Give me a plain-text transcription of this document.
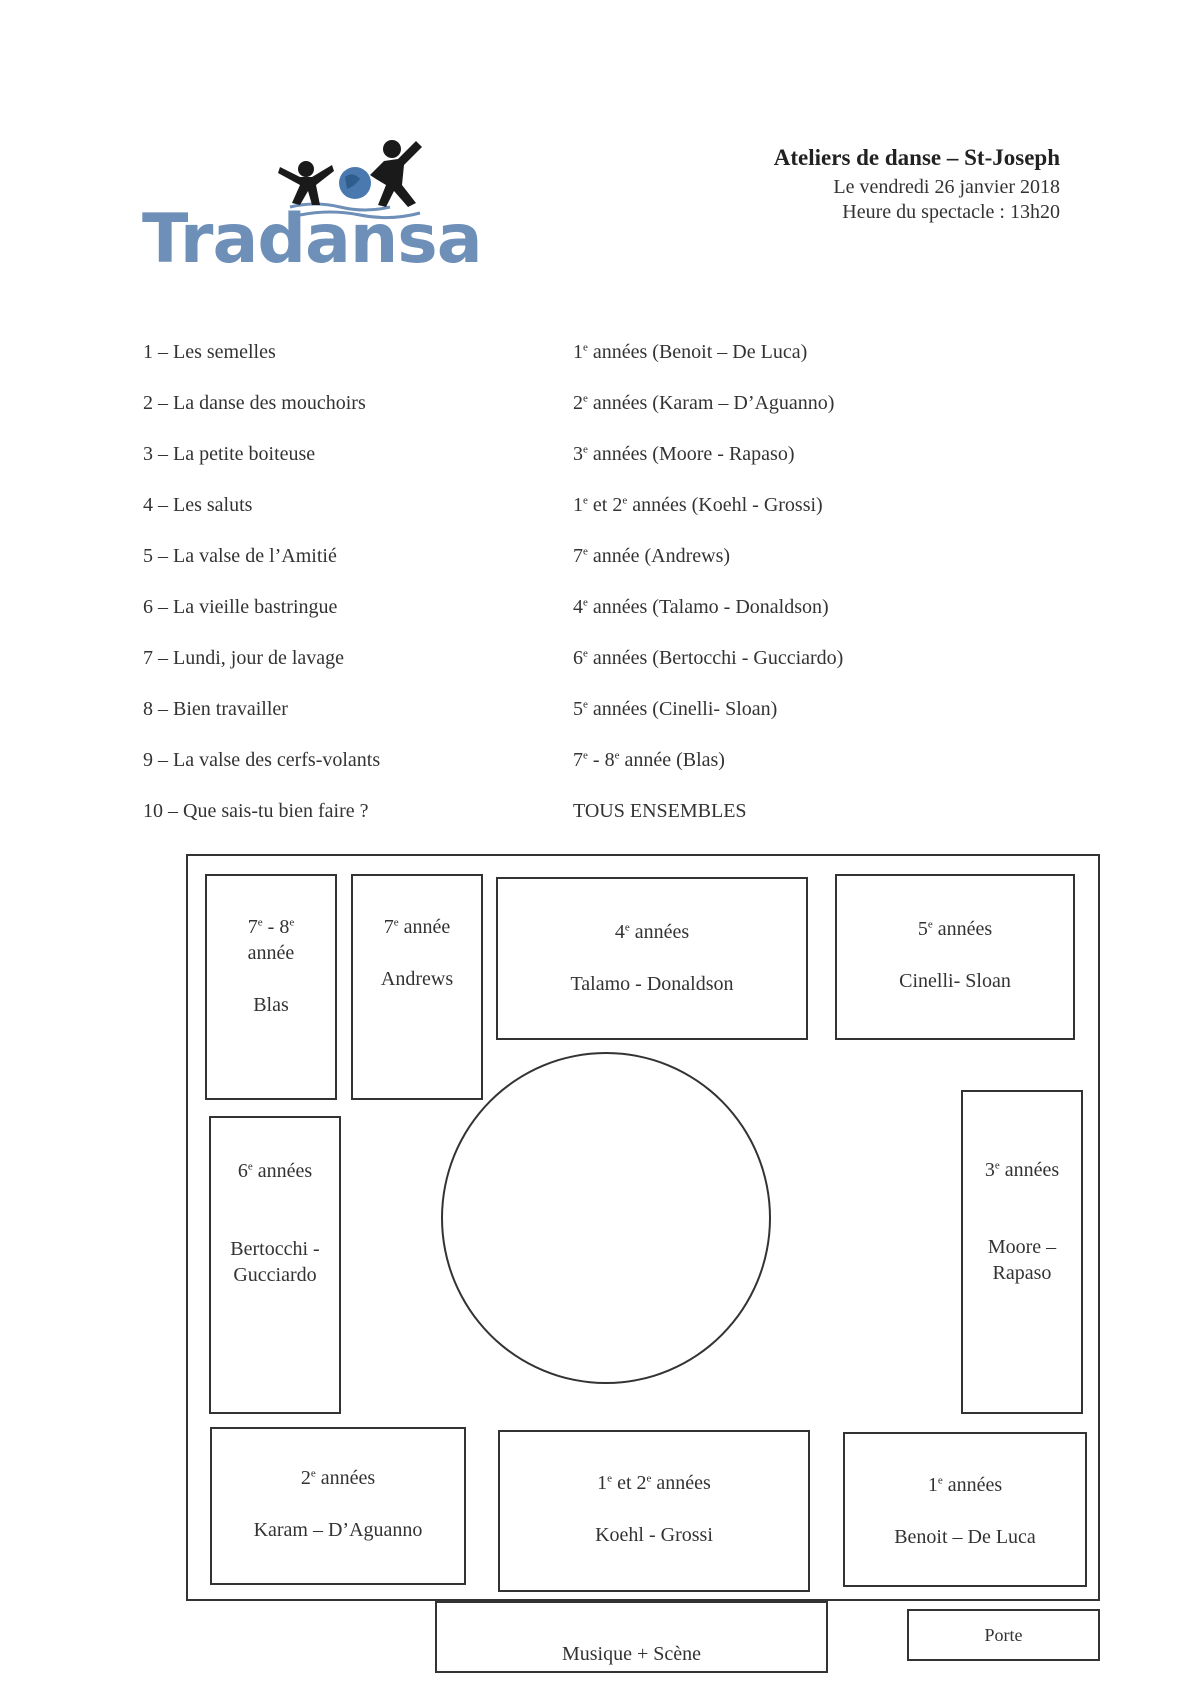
Tradansa
Ateliers de danse – St-Joseph
Le vendredi 26 janvier 2018
Heure du spectacle : 13h20
1 – Les semelles	1e années (Benoit – De Luca)
2 – La danse des mouchoirs	2e années (Karam – D’Aguanno)
3 – La petite boiteuse	3e années (Moore - Rapaso)
4 – Les saluts	1e et 2e années (Koehl - Grossi)
5 – La valse de l’Amitié	7e année (Andrews)
6 – La vieille bastringue	4e années (Talamo - Donaldson)
7 – Lundi, jour de lavage	6e années (Bertocchi - Gucciardo)
8 – Bien travailler	5e années (Cinelli- Sloan)
9 – La valse des cerfs-volants	7e - 8e année (Blas)
10 – Que sais-tu bien faire ?	TOUS ENSEMBLES
7e - 8e
année
Blas
7e année
Andrews
4e années
Talamo - Donaldson
5e années
Cinelli- Sloan
6e années
Bertocchi -
Gucciardo
3e années
Moore –
Rapaso
2e années
Karam – D’Aguanno
1e et 2e années
Koehl - Grossi
1e années
Benoit – De Luca
Musique + Scène
Porte
